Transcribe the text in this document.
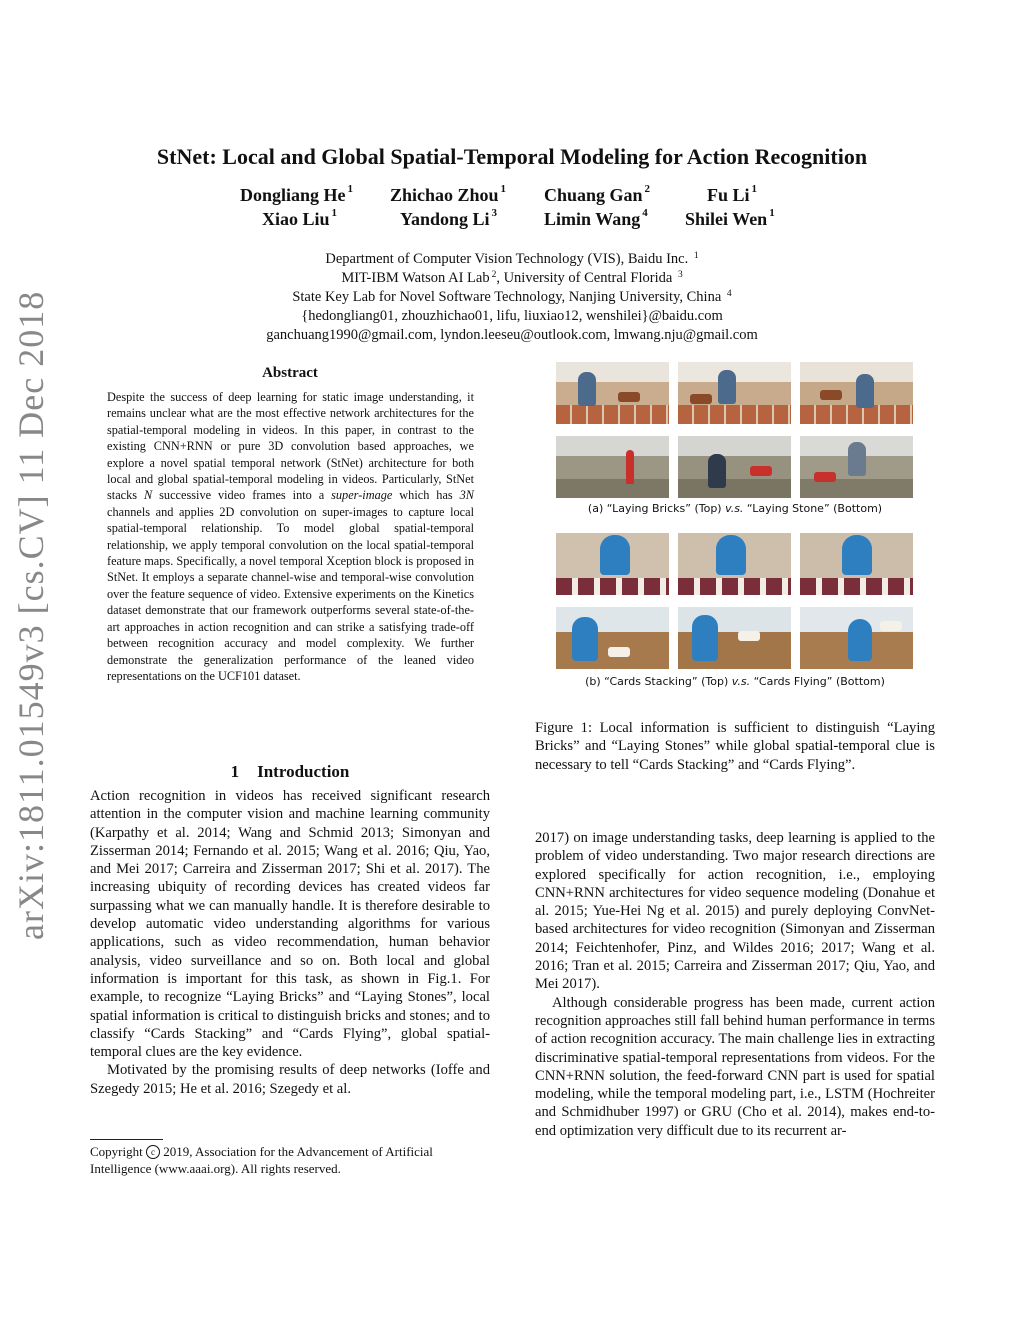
arXiv:1811.01549v3 [cs.CV] 11 Dec 2018
StNet: Local and Global Spatial-Temporal Modeling for Action Recognition
Dongliang He $^1$ Zhichao Zhou $^1$ Chuang Gan $^2$	Fu Li $^1$
Xiao Liu $^1$	Yandong Li $^3$	Limin Wang $^4$ Shilei Wen $^1$
Department of Computer Vision Technology (VIS), Baidu Inc. $^1$
MIT-IBM Watson AI Lab $^2$, University of Central Florida $^3$
State Key Lab for Novel Software Technology, Nanjing University, China $^4$
{hedongliang01, zhouzhichao01, lifu, liuxiao12, wenshilei}@baidu.com
ganchuang1990@gmail.com, lyndon.leeseu@outlook.com, lmwang.nju@gmail.com
Abstract
Despite the success of deep learning for static image understanding, it remains unclear what are the most effective network architectures for the spatial-temporal modeling in videos. In this paper, in contrast to the existing CNN+RNN or pure 3D convolution based approaches, we explore a novel spatial temporal network (StNet) architecture for both local and global spatial-temporal modeling in videos. Particularly, StNet stacks N successive video frames into a super-image which has 3N channels and applies 2D convolution on super-images to capture local spatial-temporal relationship. To model global spatial-temporal relationship, we apply temporal convolution on the local spatial-temporal feature maps. Specifically, a novel temporal Xception block is proposed in StNet. It employs a separate channel-wise and temporal-wise convolution over the feature sequence of video. Extensive experiments on the Kinetics dataset demonstrate that our framework outperforms several state-of-the-art approaches in action recognition and can strike a satisfying trade-off between recognition accuracy and model complexity. We further demonstrate the generalization performance of the leaned video representations on the UCF101 dataset.
1 Introduction

Action recognition in videos has received significant research attention in the computer vision and machine learning community (Karpathy et al. 2014; Wang and Schmid 2013; Simonyan and Zisserman 2014; Fernando et al. 2015; Wang et al. 2016; Qiu, Yao, and Mei 2017; Carreira and Zisserman 2017; Shi et al. 2017). The increasing ubiquity of recording devices has created videos far surpassing what we can manually handle. It is therefore desirable to develop automatic video understanding algorithms for various applications, such as video recommendation, human behavior analysis, video surveillance and so on. Both local and global information is important for this task, as shown in Fig.1. For example, to recognize “Laying Bricks” and “Laying Stones”, local spatial information is critical to distinguish bricks and stones; and to classify “Cards Stacking” and “Cards Flying”, global spatial-temporal clues are the key evidence.

Motivated by the promising results of deep networks (Ioffe and Szegedy 2015; He et al. 2016; Szegedy et al.

Copyright c 2019, Association for the Advancement of Artificial Intelligence (www.aaai.org). All rights reserved.
(a) “Laying Bricks” (Top) v.s. “Laying Stone” (Bottom)
(b) “Cards Stacking” (Top) v.s. “Cards Flying” (Bottom)
Figure 1: Local information is sufficient to distinguish “Laying Bricks” and “Laying Stones” while global spatial-temporal clue is necessary to tell “Cards Stacking” and “Cards Flying”.

2017) on image understanding tasks, deep learning is applied to the problem of video understanding. Two major research directions are explored specifically for action recognition, i.e., employing CNN+RNN architectures for video sequence modeling (Donahue et al. 2015; Yue-Hei Ng et al. 2015) and purely deploying ConvNet-based architectures for video recognition (Simonyan and Zisserman 2014; Feichtenhofer, Pinz, and Wildes 2016; 2017; Wang et al. 2016; Tran et al. 2015; Carreira and Zisserman 2017; Qiu, Yao, and Mei 2017).

Although considerable progress has been made, current action recognition approaches still fall behind human performance in terms of action recognition accuracy. The main challenge lies in extracting discriminative spatial-temporal representations from videos. For the CNN+RNN solution, the feed-forward CNN part is used for spatial modeling, while the temporal modeling part, i.e., LSTM (Hochreiter and Schmidhuber 1997) or GRU (Cho et al. 2014), makes end-to-end optimization very difficult due to its recurrent ar-
